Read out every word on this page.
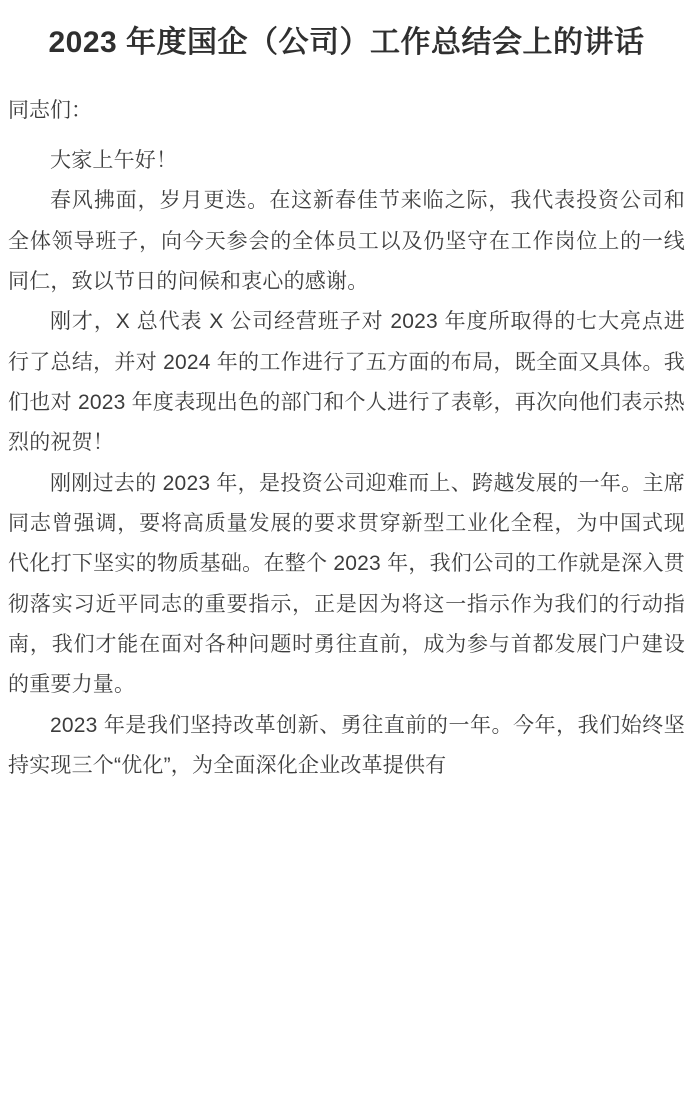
2023 年度国企（公司）工作总结会上的讲话

同志们：

大家上午好！

春风拂面，岁月更迭。在这新春佳节来临之际，我代表投资公司和全体领导班子，向今天参会的全体员工以及仍坚守在工作岗位上的一线同仁，致以节日的问候和衷心的感谢。

刚才，X 总代表 X 公司经营班子对 2023 年度所取得的七大亮点进行了总结，并对 2024 年的工作进行了五方面的布局，既全面又具体。我们也对 2023 年度表现出色的部门和个人进行了表彰，再次向他们表示热烈的祝贺！

刚刚过去的 2023 年，是投资公司迎难而上、跨越发展的一年。主席同志曾强调，要将高质量发展的要求贯穿新型工业化全程，为中国式现代化打下坚实的物质基础。在整个 2023 年，我们公司的工作就是深入贯彻落实习近平同志的重要指示，正是因为将这一指示作为我们的行动指南，我们才能在面对各种问题时勇往直前，成为参与首都发展门户建设的重要力量。

2023 年是我们坚持改革创新、勇往直前的一年。今年，我们始终坚持实现三个“优化”，为全面深化企业改革提供有
